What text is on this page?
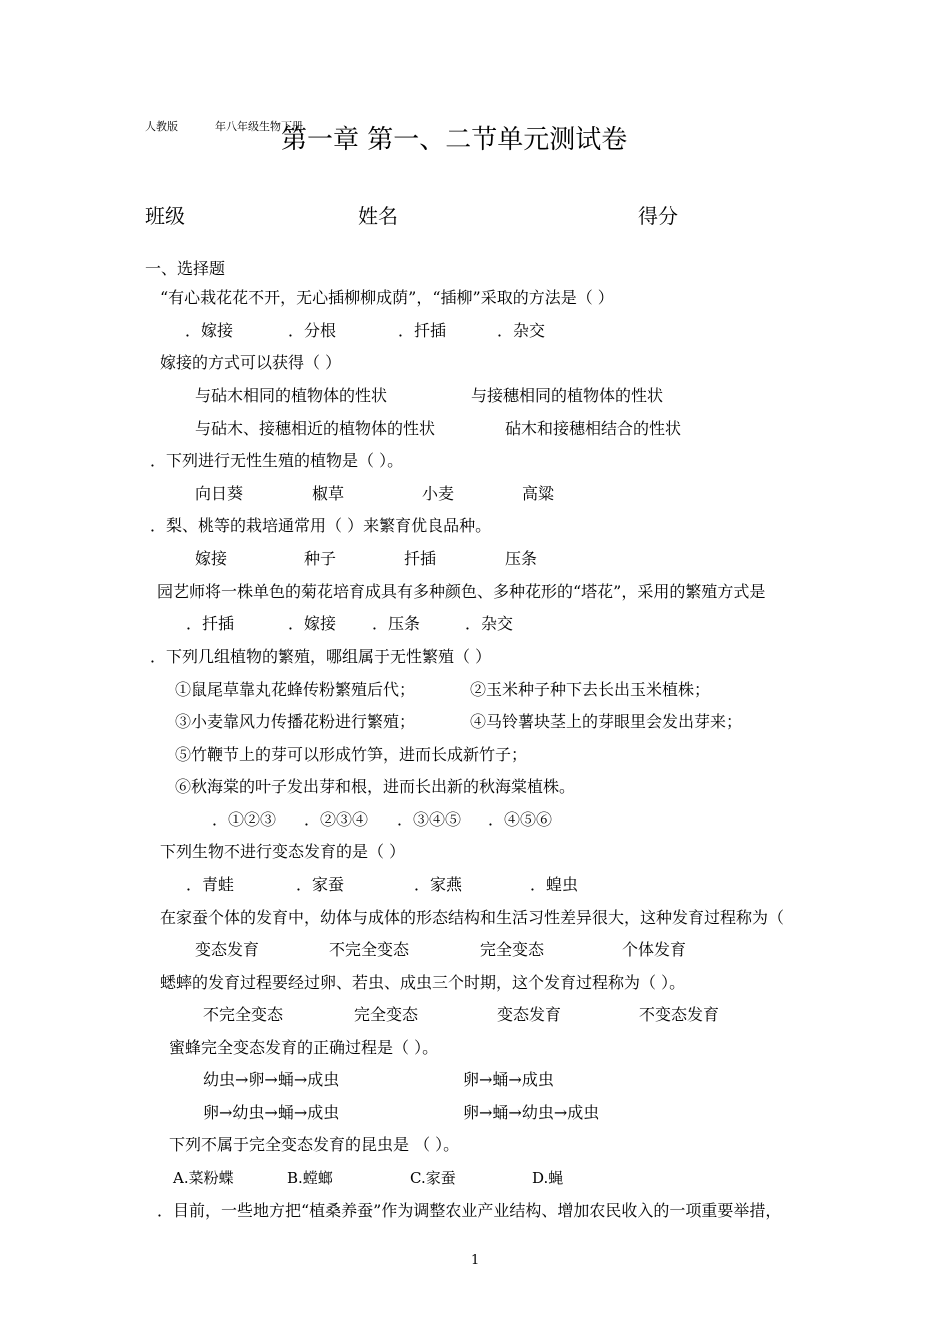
人教版	年八年级生物下册
第一章 第一、二节单元测试卷
班级	姓名	得分
一、选择题
“有心栽花花不开，无心插柳柳成荫”，“插柳”采取的方法是（ ）
．嫁接	．分根	．扦插	．杂交
嫁接的方式可以获得（ ）
与砧木相同的植物体的性状	与接穗相同的植物体的性状
与砧木、接穗相近的植物体的性状	砧木和接穗相结合的性状
．下列进行无性生殖的植物是（ ）。
向日葵	椒草	小麦	高粱
．梨、桃等的栽培通常用（ ）来繁育优良品种。
嫁接	种子	扦插	压条
园艺师将一株单色的菊花培育成具有多种颜色、多种花形的“塔花”，采用的繁殖方式是
．扦插	．嫁接 ．压条	．杂交
．下列几组植物的繁殖，哪组属于无性繁殖（ ）
①鼠尾草靠丸花蜂传粉繁殖后代；	②玉米种子种下去长出玉米植株；
③小麦靠风力传播花粉进行繁殖；	④马铃薯块茎上的芽眼里会发出芽来；
⑤竹鞭节上的芽可以形成竹笋，进而长成新竹子；
⑥秋海棠的叶子发出芽和根，进而长出新的秋海棠植株。
．①②③ ．②③④ ．③④⑤ ．④⑤⑥
下列生物不进行变态发育的是（ ）
．青蛙	．家蚕	．家燕	．蝗虫
在家蚕个体的发育中，幼体与成体的形态结构和生活习性差异很大，这种发育过程称为（
变态发育	不完全变态	完全变态	个体发育
蟋蟀的发育过程要经过卵、若虫、成虫三个时期，这个发育过程称为（ ）。
不完全变态	完全变态	变态发育	不变态发育
蜜蜂完全变态发育的正确过程是（ ）。
幼虫→卵→蛹→成虫	卵→蛹→成虫
卵→幼虫→蛹→成虫	卵→蛹→幼虫→成虫
下列不属于完全变态发育的昆虫是 （ ）。
A.菜粉蝶	B.螳螂	C.家蚕	D.蝇
．目前，一些地方把“植桑养蚕”作为调整农业产业结构、增加农民收入的一项重要举措，
1
